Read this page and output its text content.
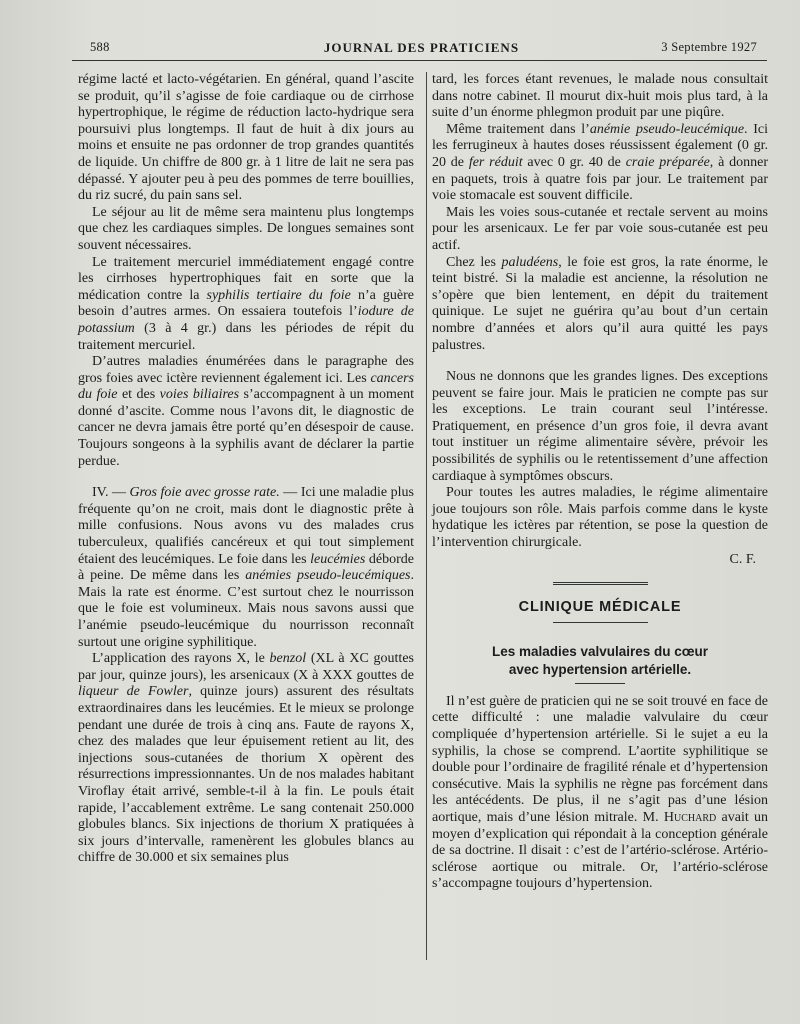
588	JOURNAL DES PRATICIENS	3 Septembre 1927

régime lacté et lacto-végétarien. En général, quand l’ascite se produit, qu’il s’agisse de foie cardiaque ou de cirrhose hypertrophique, le régime de réduction lacto-hydrique sera poursuivi plus longtemps. Il faut de huit à dix jours au moins et ensuite ne pas ordonner de trop grandes quantités de liquide. Un chiffre de 800 gr. à 1 litre de lait ne sera pas dépassé. Y ajouter peu à peu des pommes de terre bouillies, du riz sucré, du pain sans sel.

Le séjour au lit de même sera maintenu plus longtemps que chez les cardiaques simples. De longues semaines sont souvent nécessaires.

Le traitement mercuriel immédiatement engagé contre les cirrhoses hypertrophiques fait en sorte que la médication contre la syphilis tertiaire du foie n’a guère besoin d’autres armes. On essaiera toutefois l’iodure de potassium (3 à 4 gr.) dans les périodes de répit du traitement mercuriel.

D’autres maladies énumérées dans le paragraphe des gros foies avec ictère reviennent également ici. Les cancers du foie et des voies biliaires s’accompagnent à un moment donné d’ascite. Comme nous l’avons dit, le diagnostic de cancer ne devra jamais être porté qu’en désespoir de cause. Toujours songeons à la syphilis avant de déclarer la partie perdue.

IV. — Gros foie avec grosse rate. — Ici une maladie plus fréquente qu’on ne croit, mais dont le diagnostic prête à mille confusions. Nous avons vu des malades crus tuberculeux, qualifiés cancéreux et qui tout simplement étaient des leucémiques. Le foie dans les leucémies déborde à peine. De même dans les anémies pseudo-leucémiques. Mais la rate est énorme. C’est surtout chez le nourrisson que le foie est volumineux. Mais nous savons aussi que l’anémie pseudo-leucémique du nourrisson reconnaît surtout une origine syphilitique.

L’application des rayons X, le benzol (XL à XC gouttes par jour, quinze jours), les arsenicaux (X à XXX gouttes de liqueur de Fowler, quinze jours) assurent des résultats extraordinaires dans les leucémies. Et le mieux se prolonge pendant une durée de trois à cinq ans. Faute de rayons X, chez des malades que leur épuisement retient au lit, des injections sous-cutanées de thorium X opèrent des résurrections impressionnantes. Un de nos malades habitant Viroflay était arrivé, semble-t-il à la fin. Le pouls était rapide, l’accablement extrême. Le sang contenait 250.000 globules blancs. Six injections de thorium X pratiquées à six jours d’intervalle, ramenèrent les globules blancs au chiffre de 30.000 et six semaines plus

tard, les forces étant revenues, le malade nous consultait dans notre cabinet. Il mourut dix-huit mois plus tard, à la suite d’un énorme phlegmon produit par une piqûre.

Même traitement dans l’anémie pseudo-leucémique. Ici les ferrugineux à hautes doses réussissent également (0 gr. 20 de fer réduit avec 0 gr. 40 de craie préparée, à donner en paquets, trois à quatre fois par jour. Le traitement par voie stomacale est souvent difficile.

Mais les voies sous-cutanée et rectale servent au moins pour les arsenicaux. Le fer par voie sous-cutanée est peu actif.

Chez les paludéens, le foie est gros, la rate énorme, le teint bistré. Si la maladie est ancienne, la résolution ne s’opère que bien lentement, en dépit du traitement quinique. Le sujet ne guérira qu’au bout d’un certain nombre d’années et alors qu’il aura quitté les pays palustres.

Nous ne donnons que les grandes lignes. Des exceptions peuvent se faire jour. Mais le praticien ne compte pas sur les exceptions. Le train courant seul l’intéresse. Pratiquement, en présence d’un gros foie, il devra avant tout instituer un régime alimentaire sévère, prévoir les possibilités de syphilis ou le retentissement d’une affection cardiaque à symptômes obscurs.

Pour toutes les autres maladies, le régime alimentaire joue toujours son rôle. Mais parfois comme dans le kyste hydatique les ictères par rétention, se pose la question de l’intervention chirurgicale.

C. F.
CLINIQUE MÉDICALE
Les maladies valvulaires du cœur
avec hypertension artérielle.

Il n’est guère de praticien qui ne se soit trouvé en face de cette difficulté : une maladie valvulaire du cœur compliquée d’hypertension artérielle. Si le sujet a eu la syphilis, la chose se comprend. L’aortite syphilitique se double pour l’ordinaire de fragilité rénale et d’hypertension consécutive. Mais la syphilis ne règne pas forcément dans les antécédents. De plus, il ne s’agit pas d’une lésion aortique, mais d’une lésion mitrale. M. Huchard avait un moyen d’explication qui répondait à la conception générale de sa doctrine. Il disait : c’est de l’artério-sclérose. Artério-sclérose aortique ou mitrale. Or, l’artério-sclérose s’accompagne toujours d’hypertension.
